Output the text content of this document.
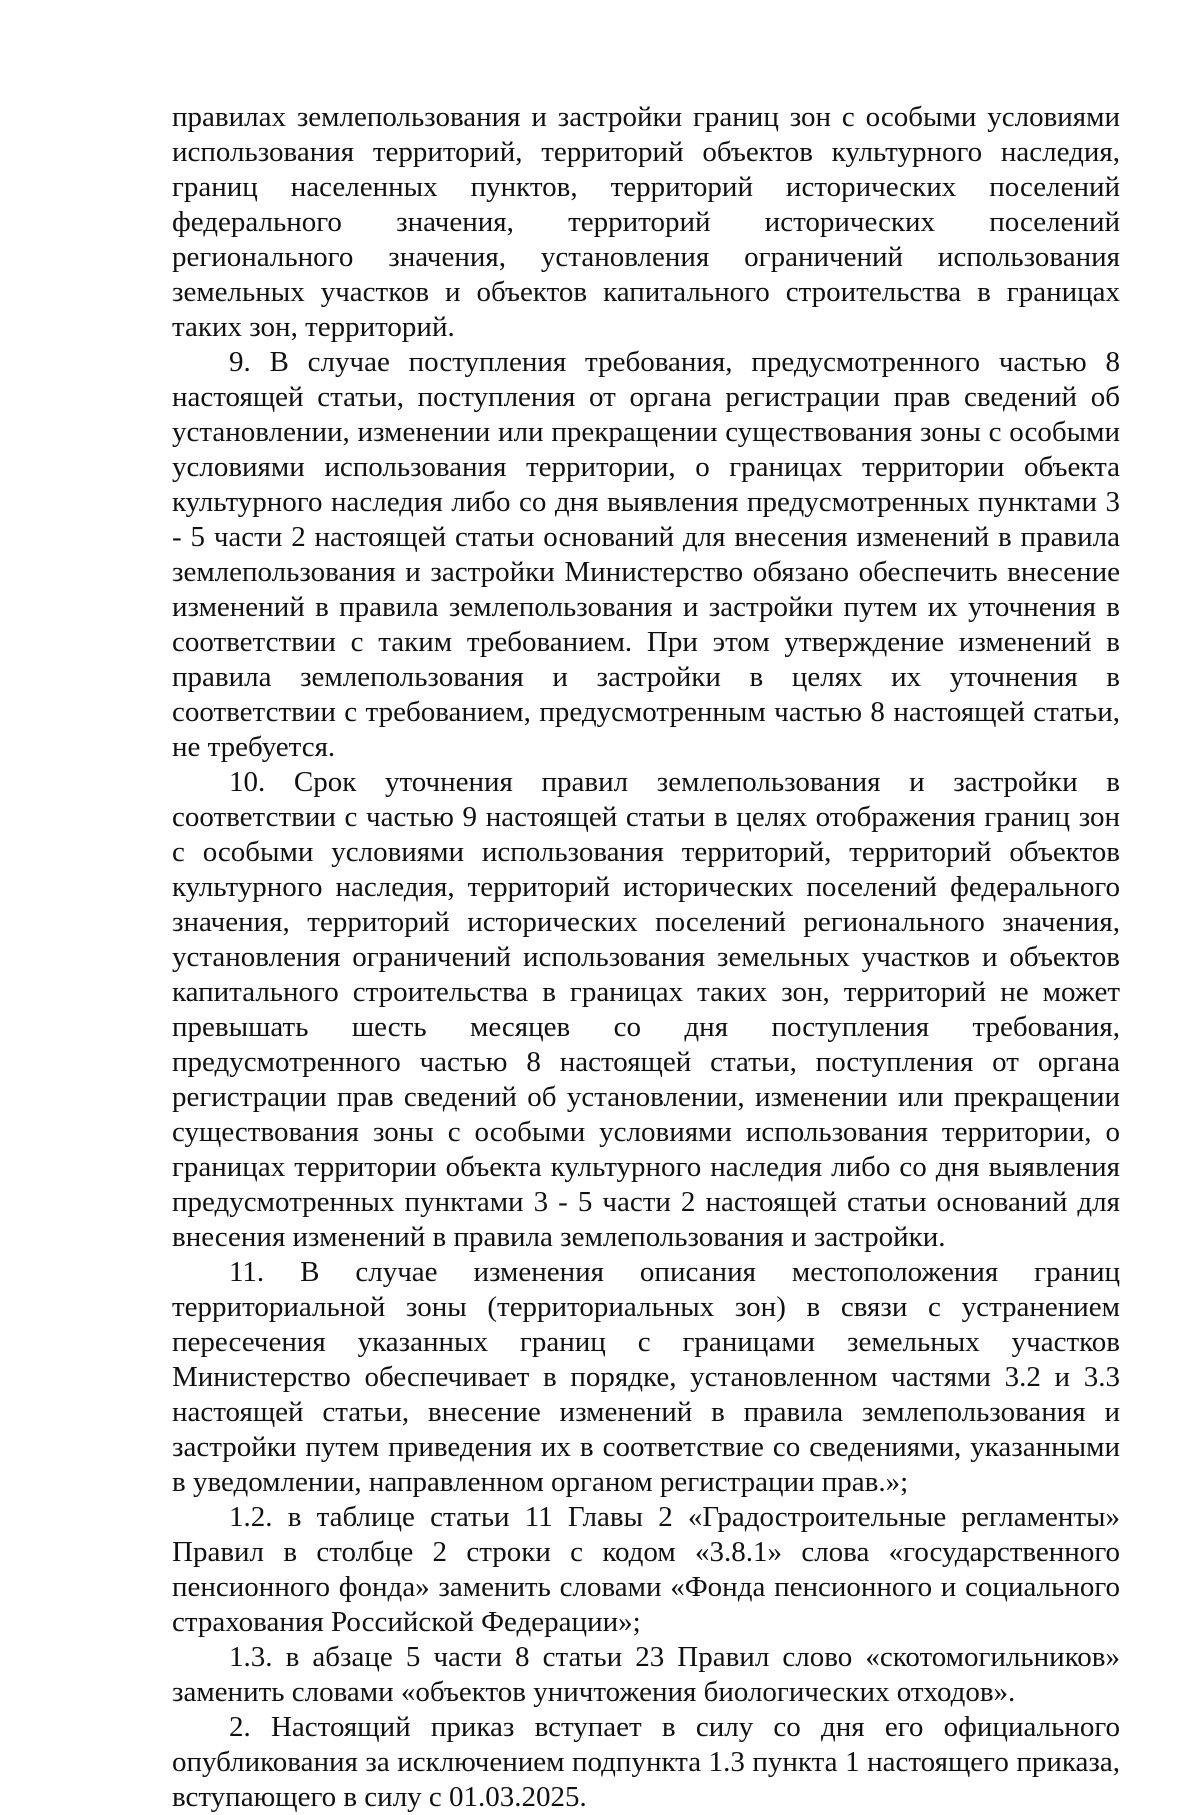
правилах землепользования и застройки границ зон с особыми условиями использования территорий, территорий объектов культурного наследия, границ населенных пунктов, территорий исторических поселений федерального значения, территорий исторических поселений регионального значения, установления ограничений использования земельных участков и объектов капитального строительства в границах таких зон, территорий.

9. В случае поступления требования, предусмотренного частью 8 настоящей статьи, поступления от органа регистрации прав сведений об установлении, изменении или прекращении существования зоны с особыми условиями использования территории, о границах территории объекта культурного наследия либо со дня выявления предусмотренных пунктами 3 - 5 части 2 настоящей статьи оснований для внесения изменений в правила землепользования и застройки Министерство обязано обеспечить внесение изменений в правила землепользования и застройки путем их уточнения в соответствии с таким требованием. При этом утверждение изменений в правила землепользования и застройки в целях их уточнения в соответствии с требованием, предусмотренным частью 8 настоящей статьи, не требуется.

10. Срок уточнения правил землепользования и застройки в соответствии с частью 9 настоящей статьи в целях отображения границ зон с особыми условиями использования территорий, территорий объектов культурного наследия, территорий исторических поселений федерального значения, территорий исторических поселений регионального значения, установления ограничений использования земельных участков и объектов капитального строительства в границах таких зон, территорий не может превышать шесть месяцев со дня поступления требования, предусмотренного частью 8 настоящей статьи, поступления от органа регистрации прав сведений об установлении, изменении или прекращении существования зоны с особыми условиями использования территории, о границах территории объекта культурного наследия либо со дня выявления предусмотренных пунктами 3 - 5 части 2 настоящей статьи оснований для внесения изменений в правила землепользования и застройки.

11. В случае изменения описания местоположения границ территориальной зоны (территориальных зон) в связи с устранением пересечения указанных границ с границами земельных участков Министерство обеспечивает в порядке, установленном частями 3.2 и 3.3 настоящей статьи, внесение изменений в правила землепользования и застройки путем приведения их в соответствие со сведениями, указанными в уведомлении, направленном органом регистрации прав.»;

1.2. в таблице статьи 11 Главы 2 «Градостроительные регламенты» Правил в столбце 2 строки с кодом «3.8.1» слова «государственного пенсионного фонда» заменить словами «Фонда пенсионного и социального страхования Российской Федерации»;

1.3. в абзаце 5 части 8 статьи 23 Правил слово «скотомогильников» заменить словами «объектов уничтожения биологических отходов».

2. Настоящий приказ вступает в силу со дня его официального опубликования за исключением подпункта 1.3 пункта 1 настоящего приказа, вступающего в силу с 01.03.2025.
